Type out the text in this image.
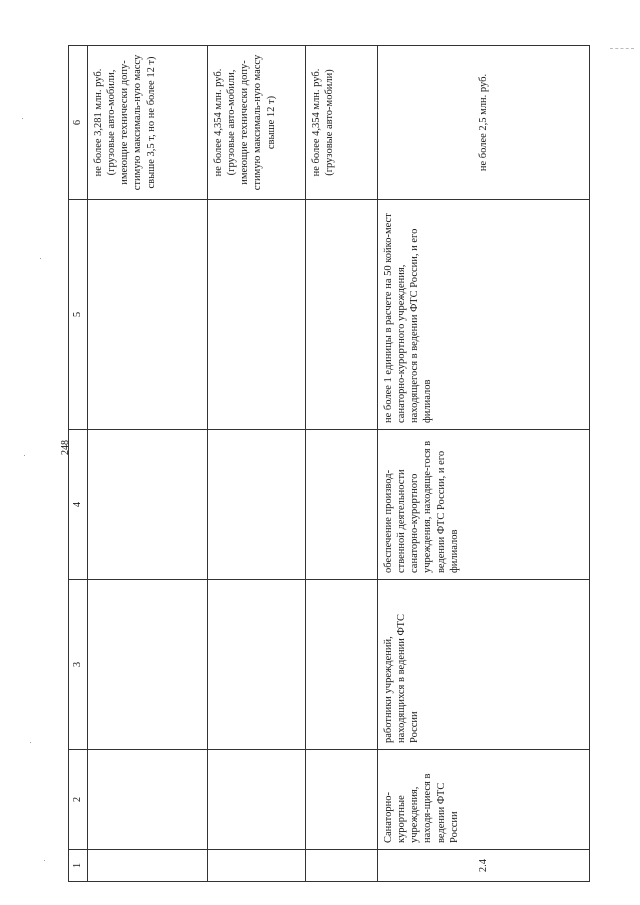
248
1	2	3	4	5	6
					не более 3,281 млн. руб. (грузовые авто-мобили, имеющие технически допу-стимую максималь-ную массу свыше 3,5 т, но не более 12 т)
					не более 4,354 млн. руб. (грузовые авто-мобили, имеющие технически допу-стимую максималь-ную массу свыше 12 т)
					не более 4,354 млн. руб. (грузовые авто-мобили)
2.4	Санаторно-курортные учреждения, находя-щиеся в ведении ФТС России	работники учреждений, находящихся в ведении ФТС России	обеспечение производ-ственной деятельности санаторно-курортного учреждения, находяще-гося в ведении ФТС России, и его филиалов	не более 1 единицы в расчете на 50 койко-мест санаторно-курортного учреждения, находящегося в ведении ФТС России, и его филиалов	не более 2,5 млн. руб.
